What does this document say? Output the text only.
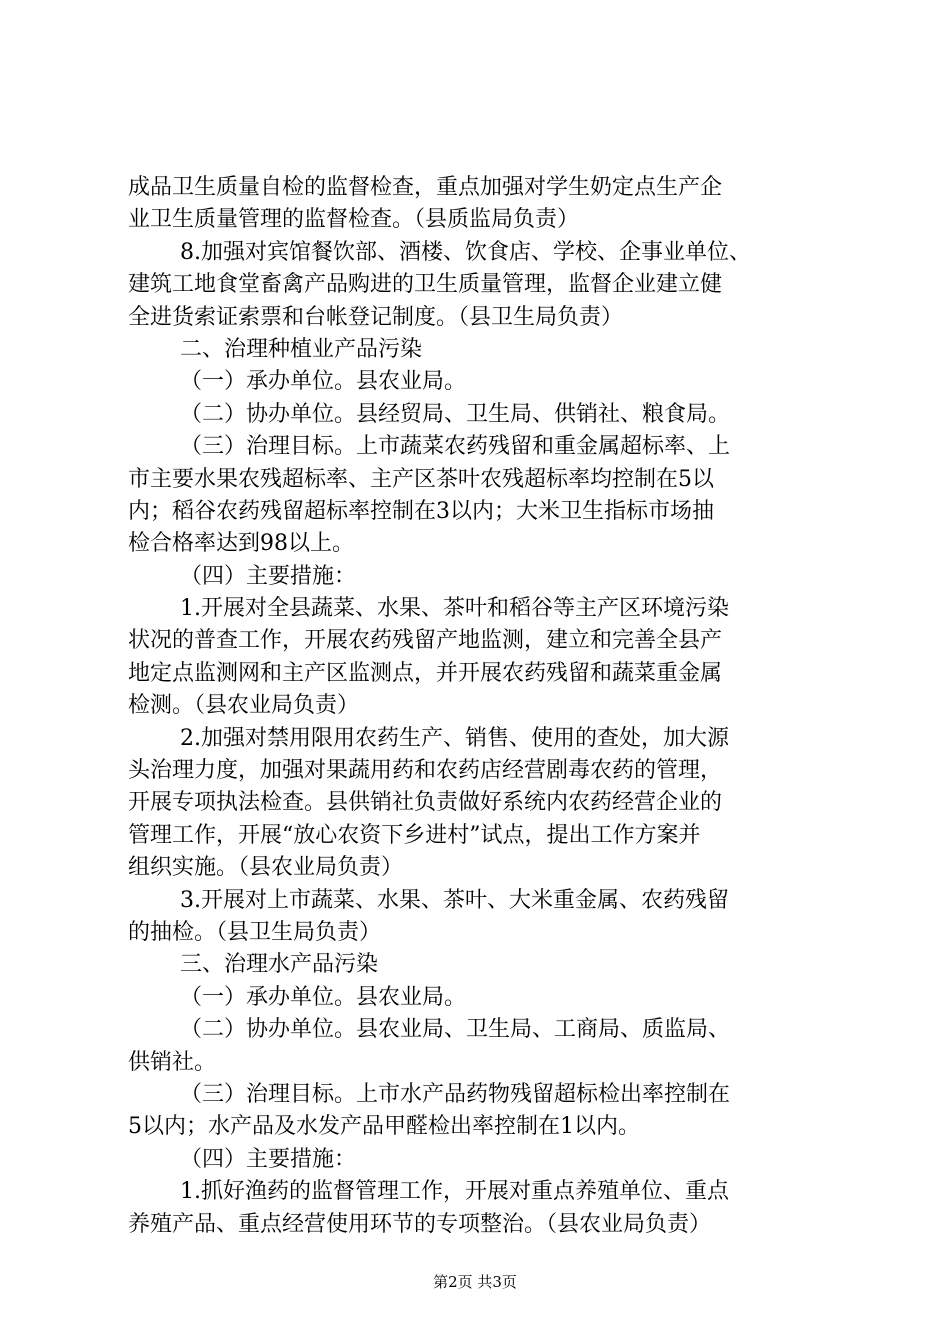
成品卫生质量自检的监督检查，重点加强对学生奶定点生产企
业卫生质量管理的监督检查。（县质监局负责）
8.加强对宾馆餐饮部、酒楼、饮食店、学校、企事业单位、
建筑工地食堂畜禽产品购进的卫生质量管理，监督企业建立健
全进货索证索票和台帐登记制度。（县卫生局负责）
二、治理种植业产品污染
（一）承办单位。县农业局。
（二）协办单位。县经贸局、卫生局、供销社、粮食局。
（三）治理目标。上市蔬菜农药残留和重金属超标率、上
市主要水果农残超标率、主产区茶叶农残超标率均控制在5以
内；稻谷农药残留超标率控制在3以内；大米卫生指标市场抽
检合格率达到98以上。
（四）主要措施：
1.开展对全县蔬菜、水果、茶叶和稻谷等主产区环境污染
状况的普查工作，开展农药残留产地监测，建立和完善全县产
地定点监测网和主产区监测点，并开展农药残留和蔬菜重金属
检测。（县农业局负责）
2.加强对禁用限用农药生产、销售、使用的查处，加大源
头治理力度，加强对果蔬用药和农药店经营剧毒农药的管理，
开展专项执法检查。县供销社负责做好系统内农药经营企业的
管理工作，开展“放心农资下乡进村”试点，提出工作方案并
组织实施。（县农业局负责）
3.开展对上市蔬菜、水果、茶叶、大米重金属、农药残留
的抽检。（县卫生局负责）
三、治理水产品污染
（一）承办单位。县农业局。
（二）协办单位。县农业局、卫生局、工商局、质监局、
供销社。
（三）治理目标。上市水产品药物残留超标检出率控制在
5以内；水产品及水发产品甲醛检出率控制在1以内。
（四）主要措施：
1.抓好渔药的监督管理工作，开展对重点养殖单位、重点
养殖产品、重点经营使用环节的专项整治。（县农业局负责）
第2页 共3页
